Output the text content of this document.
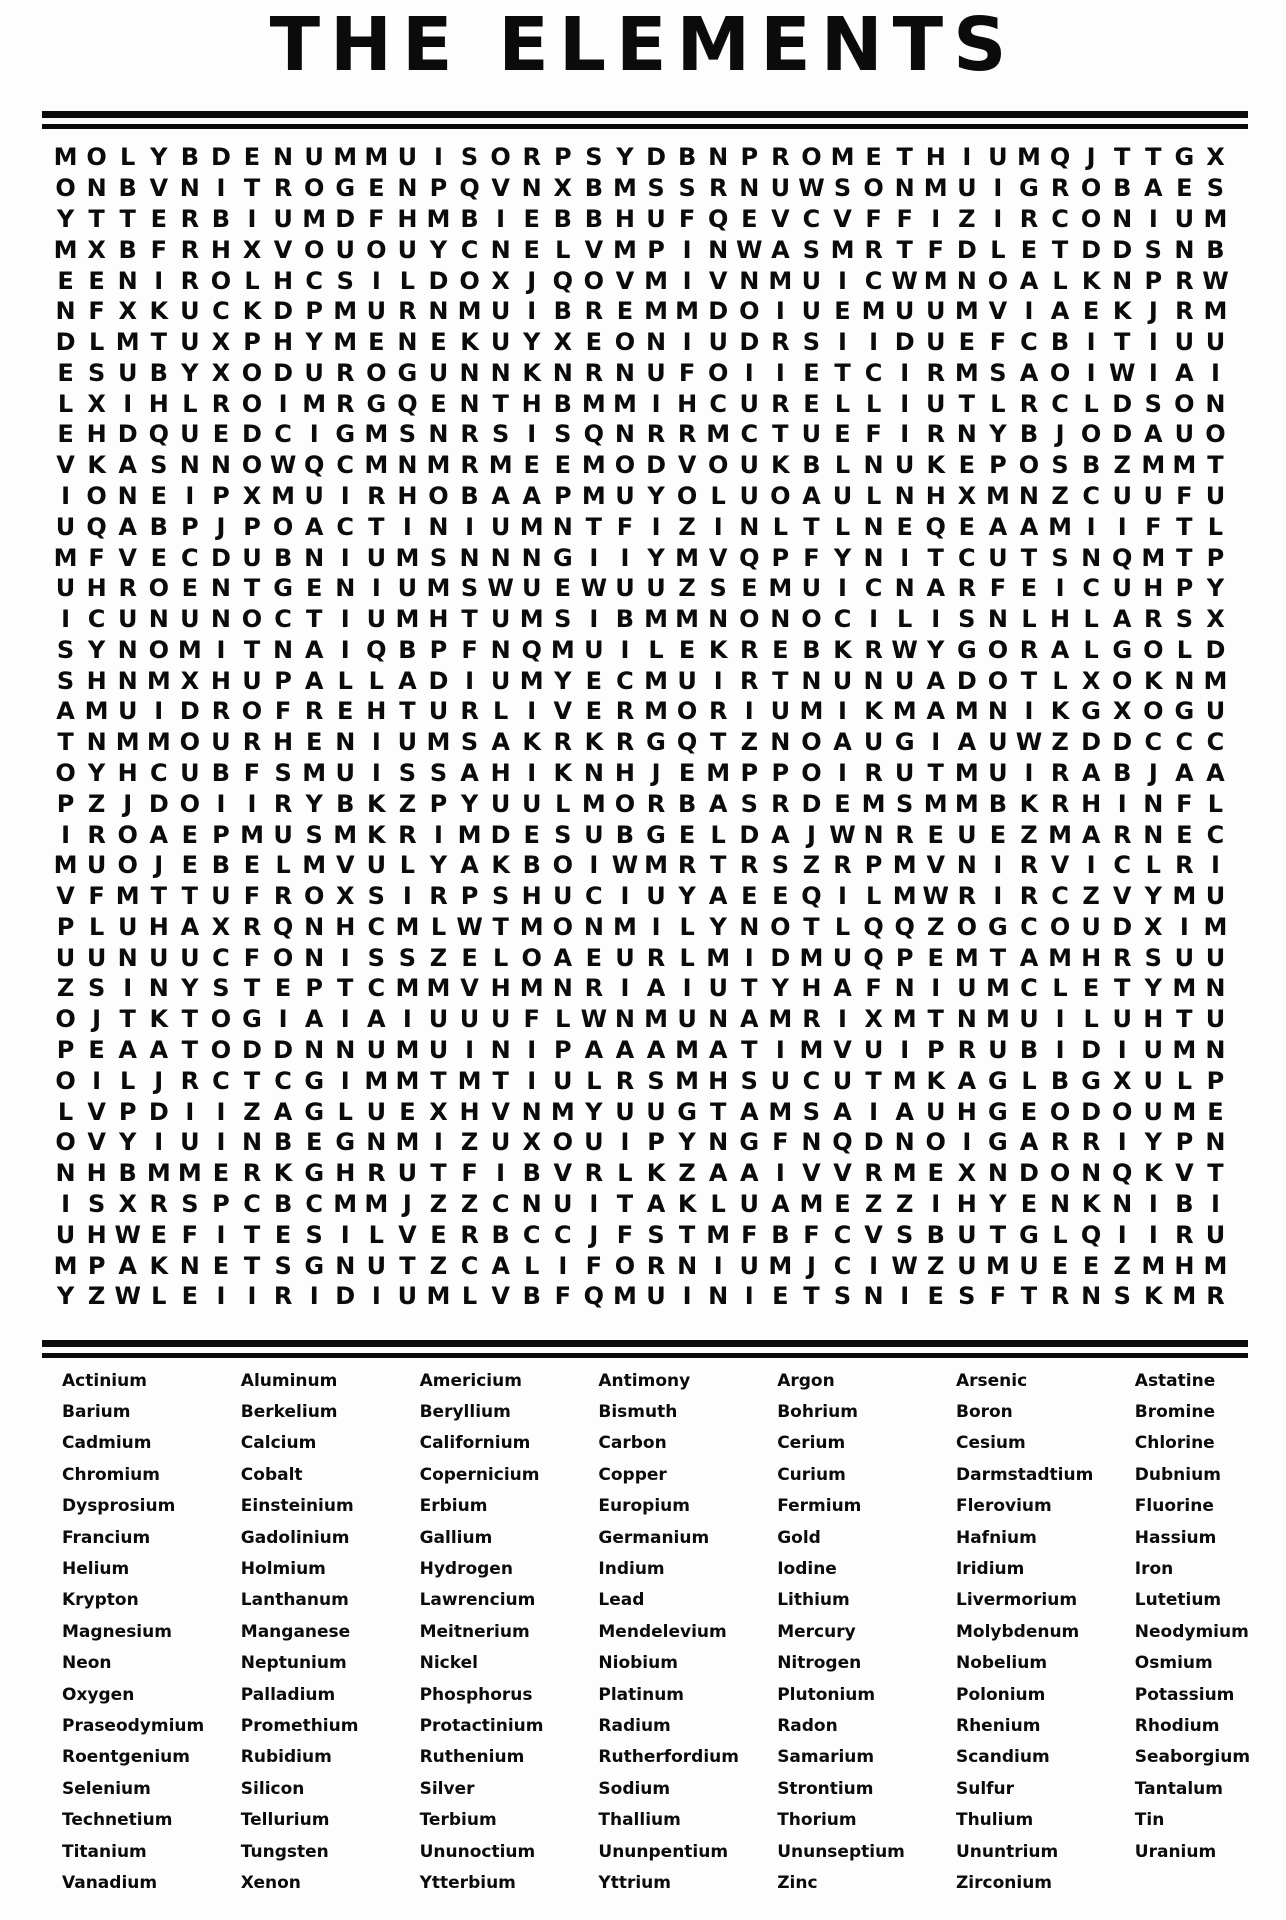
THE ELEMENTS
M O L Y B D E N U M M U I S O R P S Y D B N P R O M E T H I U M Q J T T G X
O N B V N I T R O G E N P Q V N X B M S S R N U W S O N M U I G R O B A E S
Y T T E R B I U M D F H M B I E B B H U F Q E V C V F F I Z I R C O N I U M
M X B F R H X V O U O U Y C N E L V M P I N W A S M R T F D L E T D D S N B
E E N I R O L H C S I L D O X J Q O V M I V N M U I C W M N O A L K N P R W
N F X K U C K D P M U R N M U I B R E M M D O I U E M U U M V I A E K J R M
D L M T U X P H Y M E N E K U Y X E O N I U D R S I I D U E F C B I T I U U
E S U B Y X O D U R O G U N N K N R N U F O I I E T C I R M S A O I W I A I
L X I H L R O I M R G Q E N T H B M M I H C U R E L L I U T L R C L D S O N
E H D Q U E D C I G M S N R S I S Q N R R M C T U E F I R N Y B J O D A U O
V K A S N N O W Q C M N M R M E E M O D V O U K B L N U K E P O S B Z M M T
I O N E I P X M U I R H O B A A P M U Y O L U O A U L N H X M N Z C U U F U
U Q A B P J P O A C T I N I U M N T F I Z I N L T L N E Q E A A M I I F T L
M F V E C D U B N I U M S N N N G I I Y M V Q P F Y N I T C U T S N Q M T P
U H R O E N T G E N I U M S W U E W U U Z S E M U I C N A R F E I C U H P Y
I C U N U N O C T I U M H T U M S I B M M N O N O C I L I S N L H L A R S X
S Y N O M I T N A I Q B P F N Q M U I L E K R E B K R W Y G O R A L G O L D
S H N M X H U P A L L A D I U M Y E C M U I R T N U N U A D O T L X O K N M
A M U I D R O F R E H T U R L I V E R M O R I U M I K M A M N I K G X O G U
T N M M O U R H E N I U M S A K R K R G Q T Z N O A U G I A U W Z D D C C C
O Y H C U B F S M U I S S A H I K N H J E M P P O I R U T M U I R A B J A A
P Z J D O I I R Y B K Z P Y U U L M O R B A S R D E M S M M B K R H I N F L
I R O A E P M U S M K R I M D E S U B G E L D A J W N R E U E Z M A R N E C
M U O J E B E L M V U L Y A K B O I W M R T R S Z R P M V N I R V I C L R I
V F M T T U F R O X S I R P S H U C I U Y A E E Q I L M W R I R C Z V Y M U
P L U H A X R Q N H C M L W T M O N M I L Y N O T L Q Q Z O G C O U D X I M
U U N U U C F O N I S S Z E L O A E U R L M I D M U Q P E M T A M H R S U U
Z S I N Y S T E P T C M M V H M N R I A I U T Y H A F N I U M C L E T Y M N
O J T K T O G I A I A I U U U F L W N M U N A M R I X M T N M U I L U H T U
P E A A T O D D N N U M U I N I P A A A M A T I M V U I P R U B I D I U M N
O I L J R C T C G I M M T M T I U L R S M H S U C U T M K A G L B G X U L P
L V P D I I Z A G L U E X H V N M Y U U G T A M S A I A U H G E O D O U M E
O V Y I U I N B E G N M I Z U X O U I P Y N G F N Q D N O I G A R R I Y P N
N H B M M E R K G H R U T F I B V R L K Z A A I V V R M E X N D O N Q K V T
I S X R S P C B C M M J Z Z C N U I T A K L U A M E Z Z I H Y E N K N I B I
U H W E F I T E S I L V E R B C C J F S T M F B F C V S B U T G L Q I I R U
M P A K N E T S G N U T Z C A L I F O R N I U M J C I W Z U M U E E Z M H M
Y Z W L E I I R I D I U M L V B F Q M U I N I E T S N I E S F T R N S K M R
Actinium	Aluminum	Americium	Antimony	Argon	Arsenic	Astatine
Barium	Berkelium	Beryllium	Bismuth	Bohrium	Boron	Bromine
Cadmium	Calcium	Californium	Carbon	Cerium	Cesium	Chlorine
Chromium	Cobalt	Copernicium	Copper	Curium	Darmstadtium	Dubnium
Dysprosium	Einsteinium	Erbium	Europium	Fermium	Flerovium	Fluorine
Francium	Gadolinium	Gallium	Germanium	Gold	Hafnium	Hassium
Helium	Holmium	Hydrogen	Indium	Iodine	Iridium	Iron
Krypton	Lanthanum	Lawrencium	Lead	Lithium	Livermorium	Lutetium
Magnesium	Manganese	Meitnerium	Mendelevium	Mercury	Molybdenum	Neodymium
Neon	Neptunium	Nickel	Niobium	Nitrogen	Nobelium	Osmium
Oxygen	Palladium	Phosphorus	Platinum	Plutonium	Polonium	Potassium
Praseodymium	Promethium	Protactinium	Radium	Radon	Rhenium	Rhodium
Roentgenium	Rubidium	Ruthenium	Rutherfordium	Samarium	Scandium	Seaborgium
Selenium	Silicon	Silver	Sodium	Strontium	Sulfur	Tantalum
Technetium	Tellurium	Terbium	Thallium	Thorium	Thulium	Tin
Titanium	Tungsten	Ununoctium	Ununpentium	Ununseptium	Ununtrium	Uranium
Vanadium	Xenon	Ytterbium	Yttrium	Zinc	Zirconium
